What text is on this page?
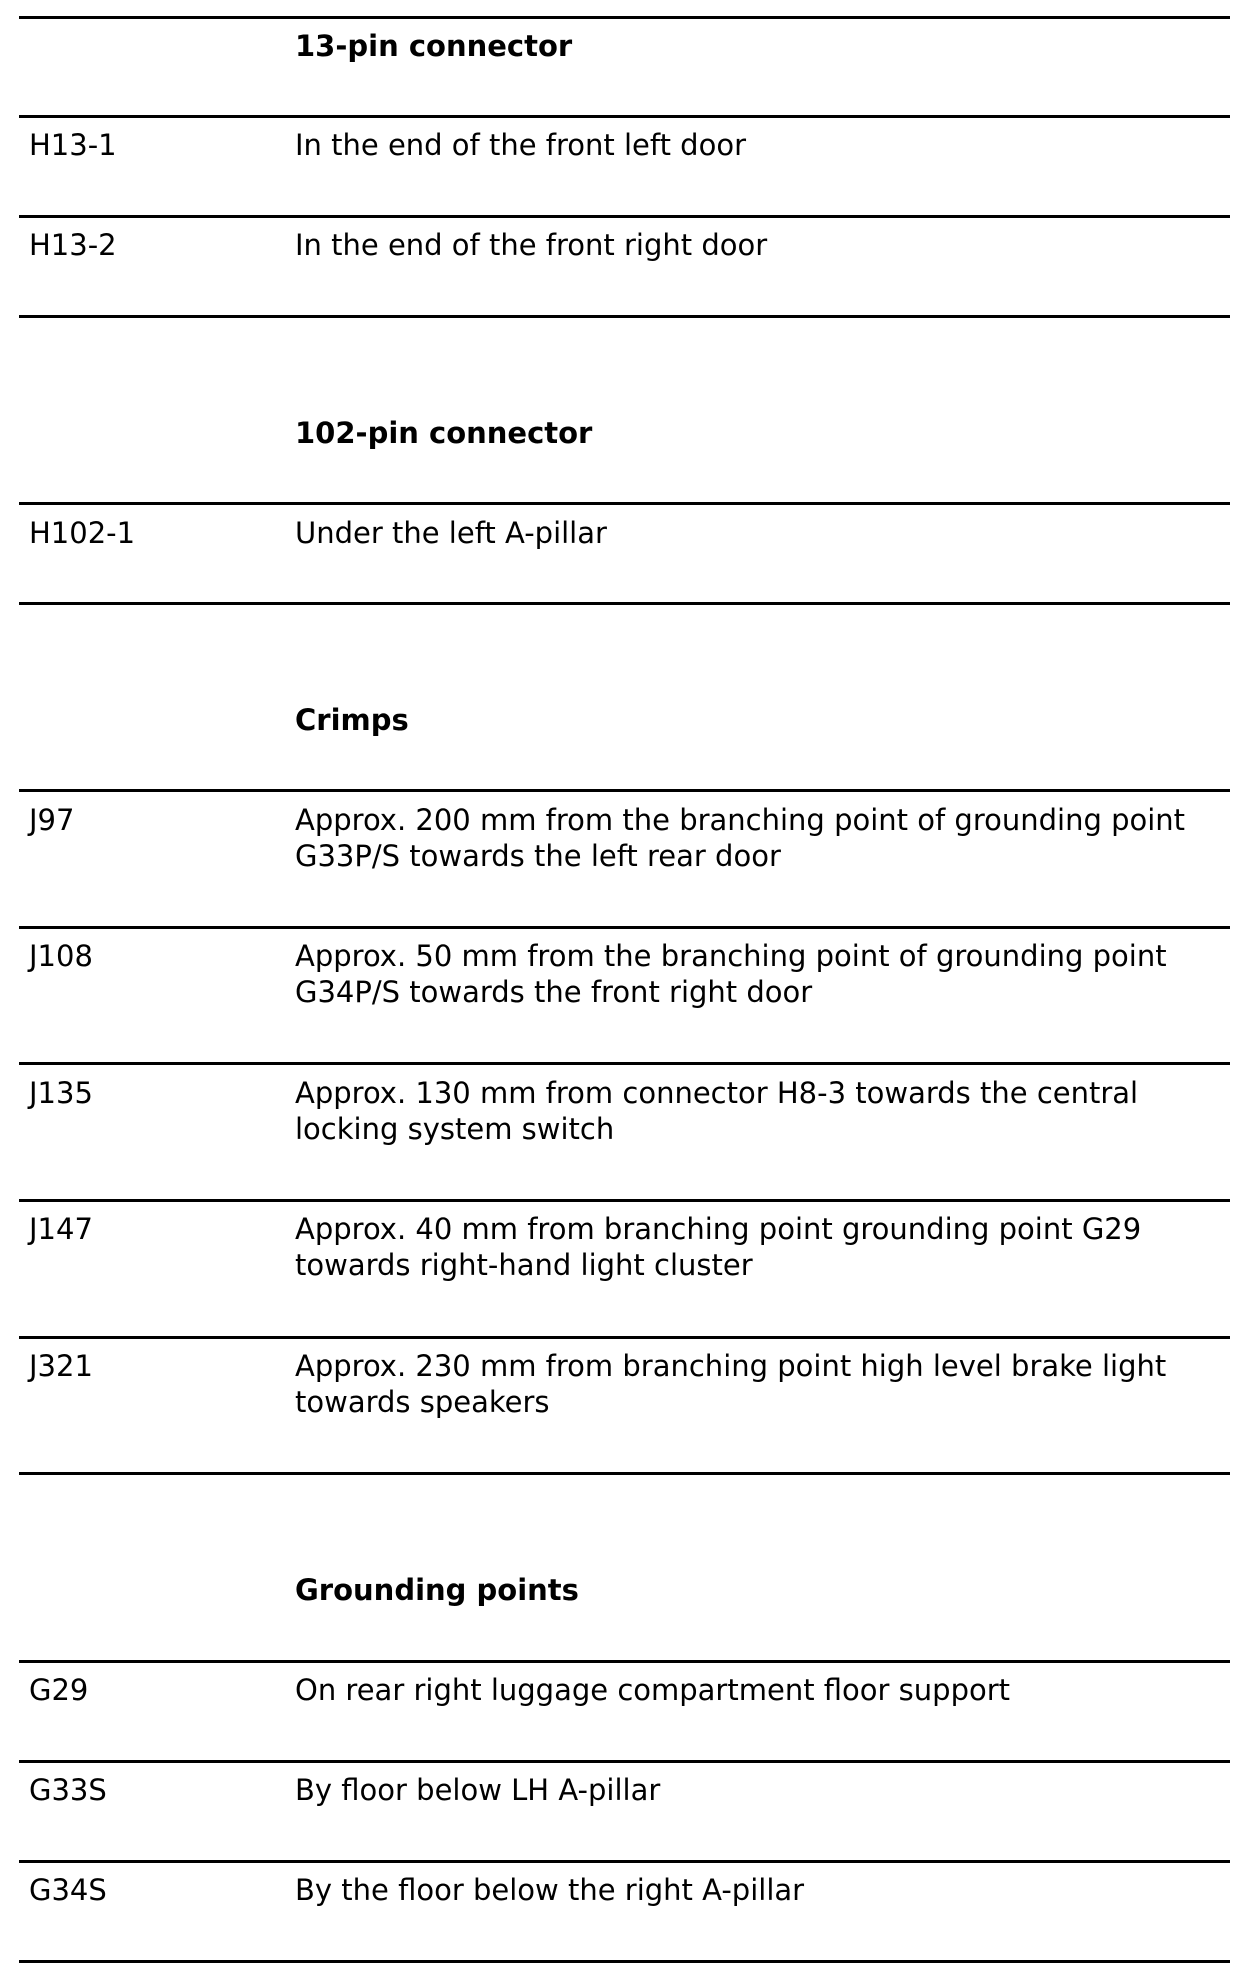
13-pin connector
H13-1	In the end of the front left door
H13-2	In the end of the front right door
102-pin connector
H102-1	Under the left A-pillar
Crimps
J97	Approx. 200 mm from the branching point of grounding point G33P/S towards the left rear door
J108	Approx. 50 mm from the branching point of grounding point G34P/S towards the front right door
J135	Approx. 130 mm from connector H8-3 towards the central locking system switch
J147	Approx. 40 mm from branching point grounding point G29 towards right-hand light cluster
J321	Approx. 230 mm from branching point high level brake light towards speakers
Grounding points
G29	On rear right luggage compartment floor support
G33S	By floor below LH A-pillar
G34S	By the floor below the right A-pillar
